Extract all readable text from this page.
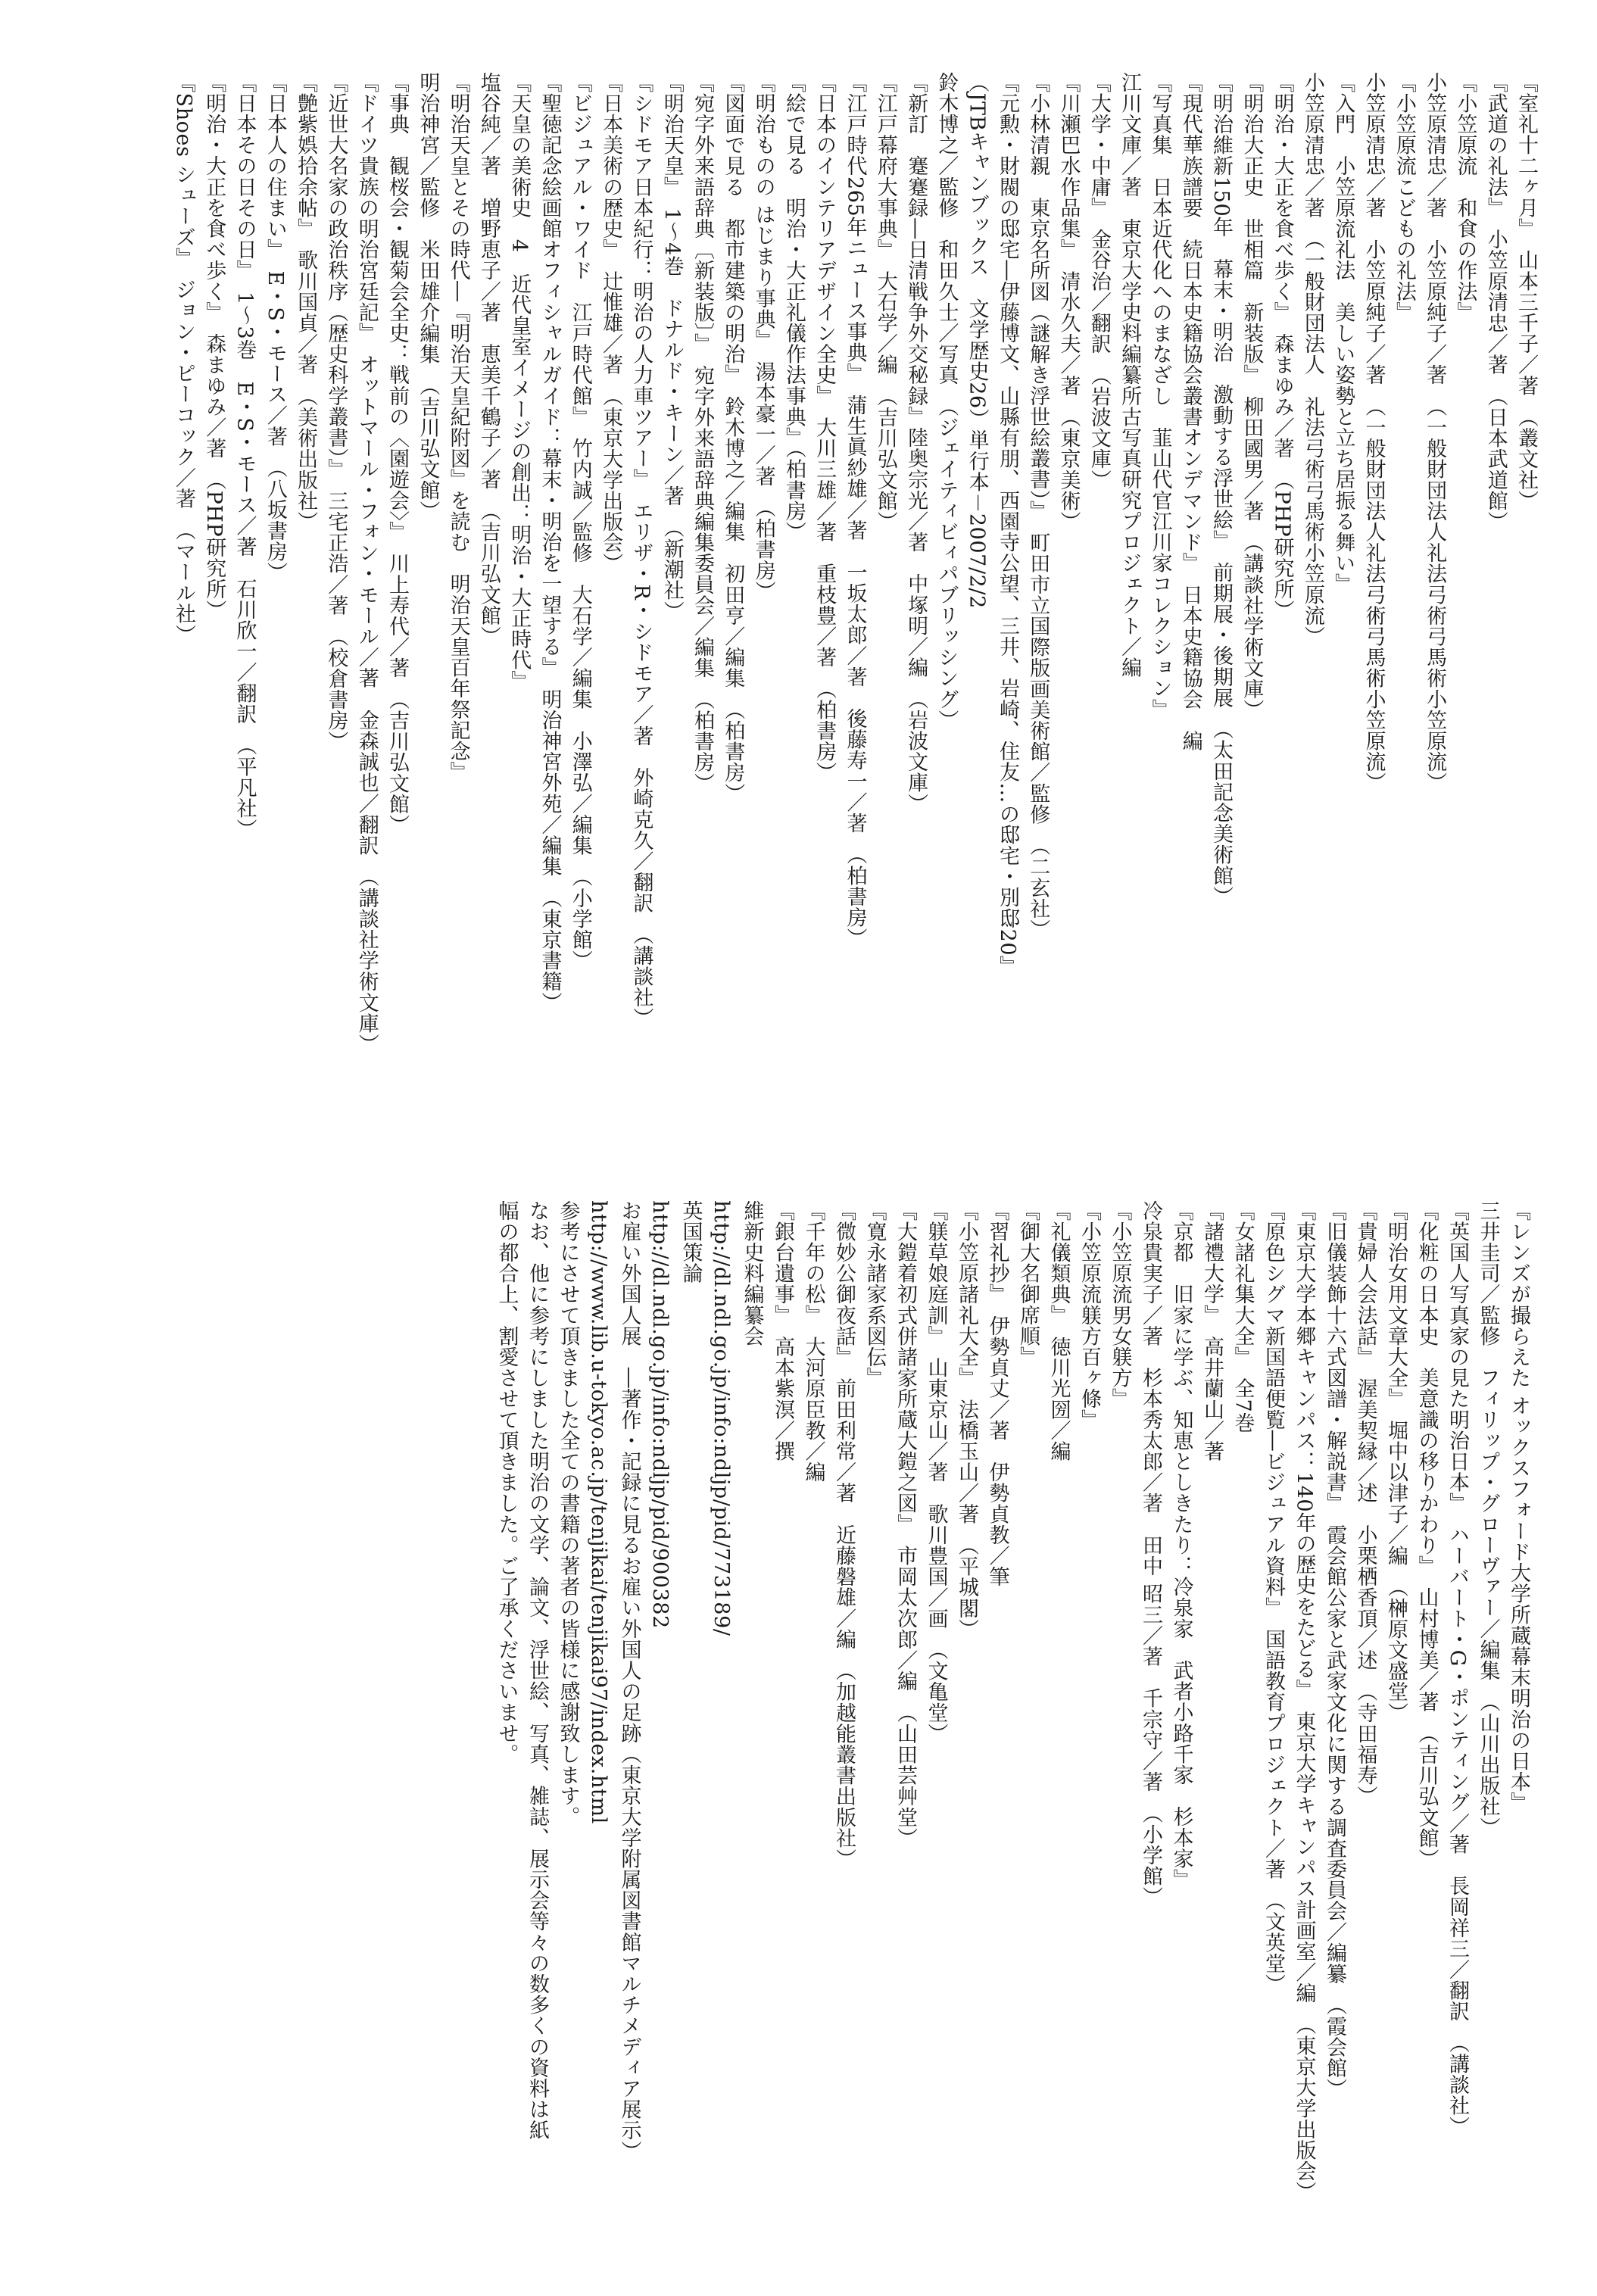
『室礼十二ヶ月』　山本三千子／著　（叢文社）

『武道の礼法』　小笠原清忠／著　（日本武道館）

『小笠原流　和食の作法』

小笠原清忠／著　小笠原純子／著　（一般財団法人礼法弓術弓馬術小笠原流）

『小笠原流こどもの礼法』

小笠原清忠／著　小笠原純子／著　（一般財団法人礼法弓術弓馬術小笠原流）

『入門　小笠原流礼法　美しい姿勢と立ち居振る舞い』

小笠原清忠／著　（一般財団法人　礼法弓術弓馬術小笠原流）

『明治・大正を食べ歩く』　森まゆみ／著　（PHP研究所）

『明治大正史　世相篇　新装版』　柳田國男／著　（講談社学術文庫）

『明治維新150年　幕末・明治　激動する浮世絵』　前期展・後期展　（太田記念美術館）

『現代華族譜要　続日本史籍協会叢書オンデマンド』　日本史籍協会　編

『写真集　日本近代化へのまなざし　韮山代官江川家コレクション』

江川文庫／著　東京大学史料編纂所古写真研究プロジェクト／編

『大学・中庸』　金谷治／翻訳　（岩波文庫）

『川瀬巴水作品集』　清水久夫／著　（東京美術）

『小林清親　東京名所図（謎解き浮世絵叢書）』　町田市立国際版画美術館／監修　（二玄社）

『元勲・財閥の邸宅―伊藤博文、山縣有朋、西園寺公望、三井、岩崎、住友…の邸宅・別邸20』

（JTBキャンブックス　文学歴史26）単行本－2007/2/2

鈴木博之／監修　和田久士／写真　（ジェイティビィパブリッシング）

『新訂　蹇蹇録―日清戦争外交秘録』陸奥宗光／著　中塚明／編　（岩波文庫）

『江戸幕府大事典』　大石学／編　（吉川弘文館）

『江戸時代265年ニュース事典』　蒲生眞紗雄／著　一坂太郎／著　後藤寿一／著　（柏書房）

『日本のインテリアデザイン全史』　大川三雄／著　重枝豊／著　（柏書房）

『絵で見る　明治・大正礼儀作法事典』（柏書房）

『明治ものの はじまり事典』　湯本豪一／著　（柏書房）

『図面で見る　都市建築の明治』　鈴木博之／編集　初田亨／編集　（柏書房）

『宛字外来語辞典〔新装版〕』　宛字外来語辞典編集委員会／編集　（柏書房）

『明治天皇』　1～4巻　ドナルド・キーン／著　（新潮社）

『シドモア日本紀行：明治の人力車ツアー』　エリザ・R・シドモア／著　外崎克久／翻訳　（講談社）

『日本美術の歴史』　辻惟雄／著　（東京大学出版会）

『ビジュアル・ワイド　江戸時代館』　竹内誠／監修　大石学／編集　小澤弘／編集　（小学館）

『聖徳記念絵画館オフィシャルガイド：幕末・明治を一望する』　明治神宮外苑／編集　（東京書籍）

『天皇の美術史　4　近代皇室イメージの創出：明治・大正時代』

塩谷純／著　増野恵子／著　恵美千鶴子／著　（吉川弘文館）

『明治天皇とその時代―『明治天皇紀附図』を読む　明治天皇百年祭記念』

明治神宮／監修　米田雄介編集　（吉川弘文館）

『事典　観桜会・観菊会全史：戦前の〈園遊会〉』　川上寿代／著　（吉川弘文館）

『ドイツ貴族の明治宮廷記』　オットマール・フォン・モール／著　金森誠也／翻訳　（講談社学術文庫）

『近世大名家の政治秩序（歴史科学叢書）』　三宅正浩／著　（校倉書房）

『艶紫娯拾余帖』　歌川国貞／著　（美術出版社）

『日本人の住まい』　E・S・モース／著　（八坂書房）

『日本その日その日』　1～3巻　E・S・モース／著　石川欣一／翻訳　（平凡社）

『明治・大正を食べ歩く』　森まゆみ／著　（PHP研究所）

『Shoes シューズ』　ジョン・ピーコック／著　（マール社）

『レンズが撮らえた オックスフォード大学所蔵幕末明治の日本』

三井圭司／監修　フィリップ・グローヴァー／編集　（山川出版社）

『英国人写真家の見た明治日本』　ハーバート・G・ポンティング／著　長岡祥三／翻訳　（講談社）

『化粧の日本史　美意識の移りかわり』　山村博美／著　（吉川弘文館）

『明治女用文章大全』　堀中以津子／編　（榊原文盛堂）

『貴婦人会法話』　渥美契縁／述　小栗栖香頂／述　（寺田福寿）

『旧儀装飾十六式図譜・解説書』　霞会館公家と武家文化に関する調査委員会／編纂　（霞会館）

『東京大学本郷キャンパス：140年の歴史をたどる』　東京大学キャンパス計画室／編　（東京大学出版会）

『原色シグマ新国語便覧―ビジュアル資料』　国語教育プロジェクト／著　（文英堂）

『女諸礼集大全』　全7巻

『諸禮大学』　高井蘭山／著

『京都　旧家に学ぶ、知恵としきたり：冷泉家　武者小路千家　杉本家』

冷泉貴実子／著　杉本秀太郎／著　田中 昭三／著　千宗守／著　（小学館）

『小笠原流男女躾方』

『小笠原流躾方百ヶ條』

『礼儀類典』　徳川光圀／編

『御大名御席順』

『習礼抄』　伊勢貞丈／著　伊勢貞教／筆

『小笠原諸礼大全』　法橋玉山／著　（平城閣）

『躾草娘庭訓』　山東京山／著　歌川豊国／画　（文亀堂）

『大鎧着初式併諸家所蔵大鎧之図』　市岡太次郎／編　（山田芸艸堂）

『寛永諸家系図伝』

『微妙公御夜話』　前田利常／著　近藤磐雄／編　（加越能叢書出版社）

『千年の松』　大河原臣教／編

『銀台遺事』　高本紫溟／撰

維新史料編纂会

http://dl.ndl.go.jp/info:ndljp/pid/773189/

英国策論

http://dl.ndl.go.jp/info:ndljp/pid/900382

お雇い外国人展　―著作・記録に見るお雇い外国人の足跡（東京大学附属図書館マルチメディア展示）

http://www.lib.u-tokyo.ac.jp/tenjikai/tenjikai97/index.html

参考にさせて頂きました全ての書籍の著者の皆様に感謝致します。

なお、他に参考にしました明治の文学、論文、浮世絵、写真、雑誌、展示会等々の数多くの資料は紙

幅の都合上、割愛させて頂きました。ご了承くださいませ。
